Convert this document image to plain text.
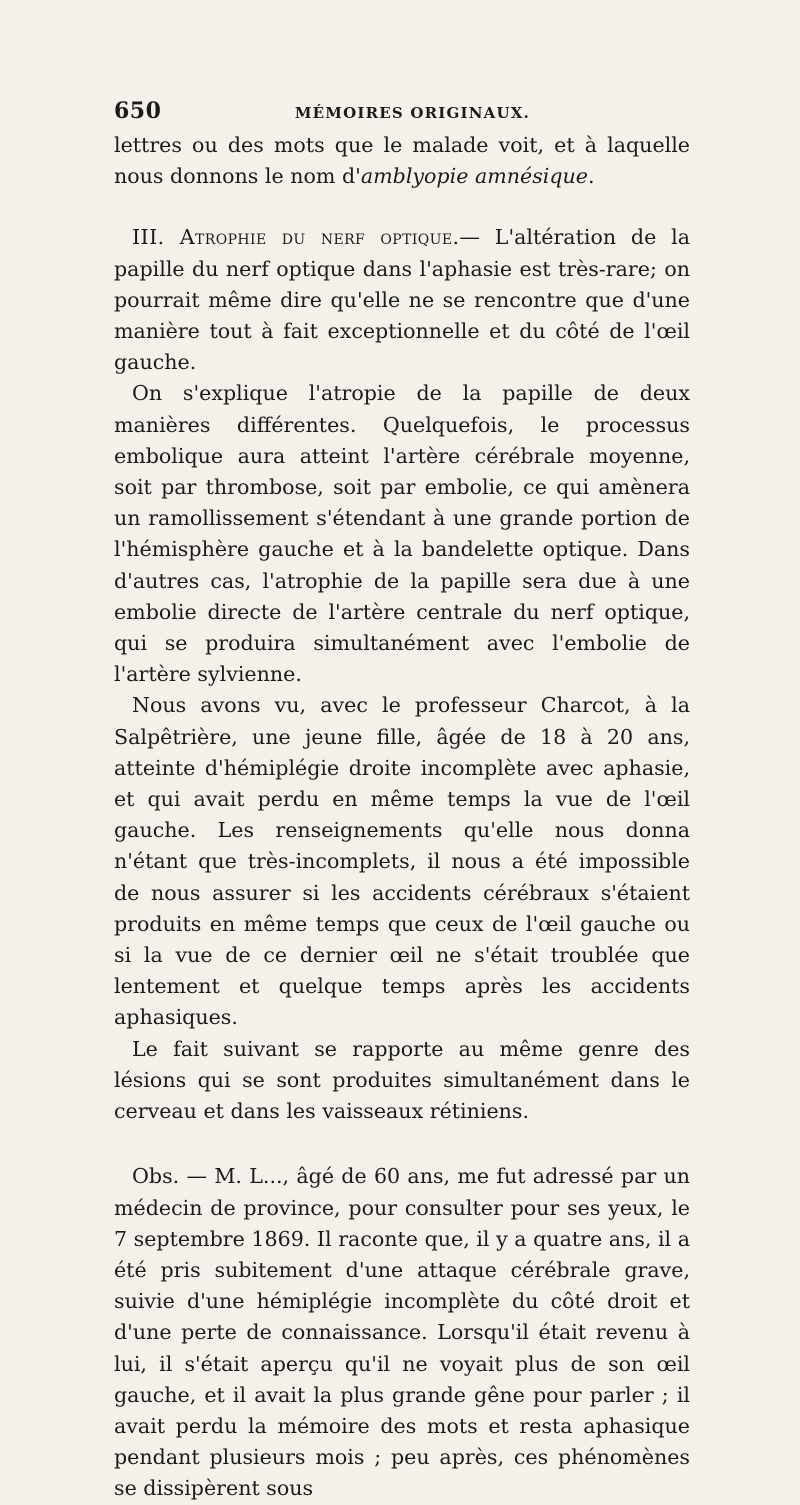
650	MÉMOIRES ORIGINAUX.

lettres ou des mots que le malade voit, et à laquelle nous donnons le nom d'amblyopie amnésique.

III. Atrophie du nerf optique.— L'altération de la papille du nerf optique dans l'aphasie est très-rare; on pourrait même dire qu'elle ne se rencontre que d'une manière tout à fait exceptionnelle et du côté de l'œil gauche.

On s'explique l'atropie de la papille de deux manières différentes. Quelquefois, le processus embolique aura atteint l'artère cérébrale moyenne, soit par thrombose, soit par embolie, ce qui amènera un ramollissement s'étendant à une grande portion de l'hémisphère gauche et à la bandelette optique. Dans d'autres cas, l'atrophie de la papille sera due à une embolie directe de l'artère centrale du nerf optique, qui se produira simultanément avec l'embolie de l'artère sylvienne.

Nous avons vu, avec le professeur Charcot, à la Salpêtrière, une jeune fille, âgée de 18 à 20 ans, atteinte d'hémiplégie droite incomplète avec aphasie, et qui avait perdu en même temps la vue de l'œil gauche. Les renseignements qu'elle nous donna n'étant que très-incomplets, il nous a été impossible de nous assurer si les accidents cérébraux s'étaient produits en même temps que ceux de l'œil gauche ou si la vue de ce dernier œil ne s'était troublée que lentement et quelque temps après les accidents aphasiques.

Le fait suivant se rapporte au même genre des lésions qui se sont produites simultanément dans le cerveau et dans les vaisseaux rétiniens.

Obs. — M. L..., âgé de 60 ans, me fut adressé par un médecin de province, pour consulter pour ses yeux, le 7 septembre 1869. Il raconte que, il y a quatre ans, il a été pris subitement d'une attaque cérébrale grave, suivie d'une hémiplégie incomplète du côté droit et d'une perte de connaissance. Lorsqu'il était revenu à lui, il s'était aperçu qu'il ne voyait plus de son œil gauche, et il avait la plus grande gêne pour parler ; il avait perdu la mémoire des mots et resta aphasique pendant plusieurs mois ; peu après, ces phénomènes se dissipèrent sous
